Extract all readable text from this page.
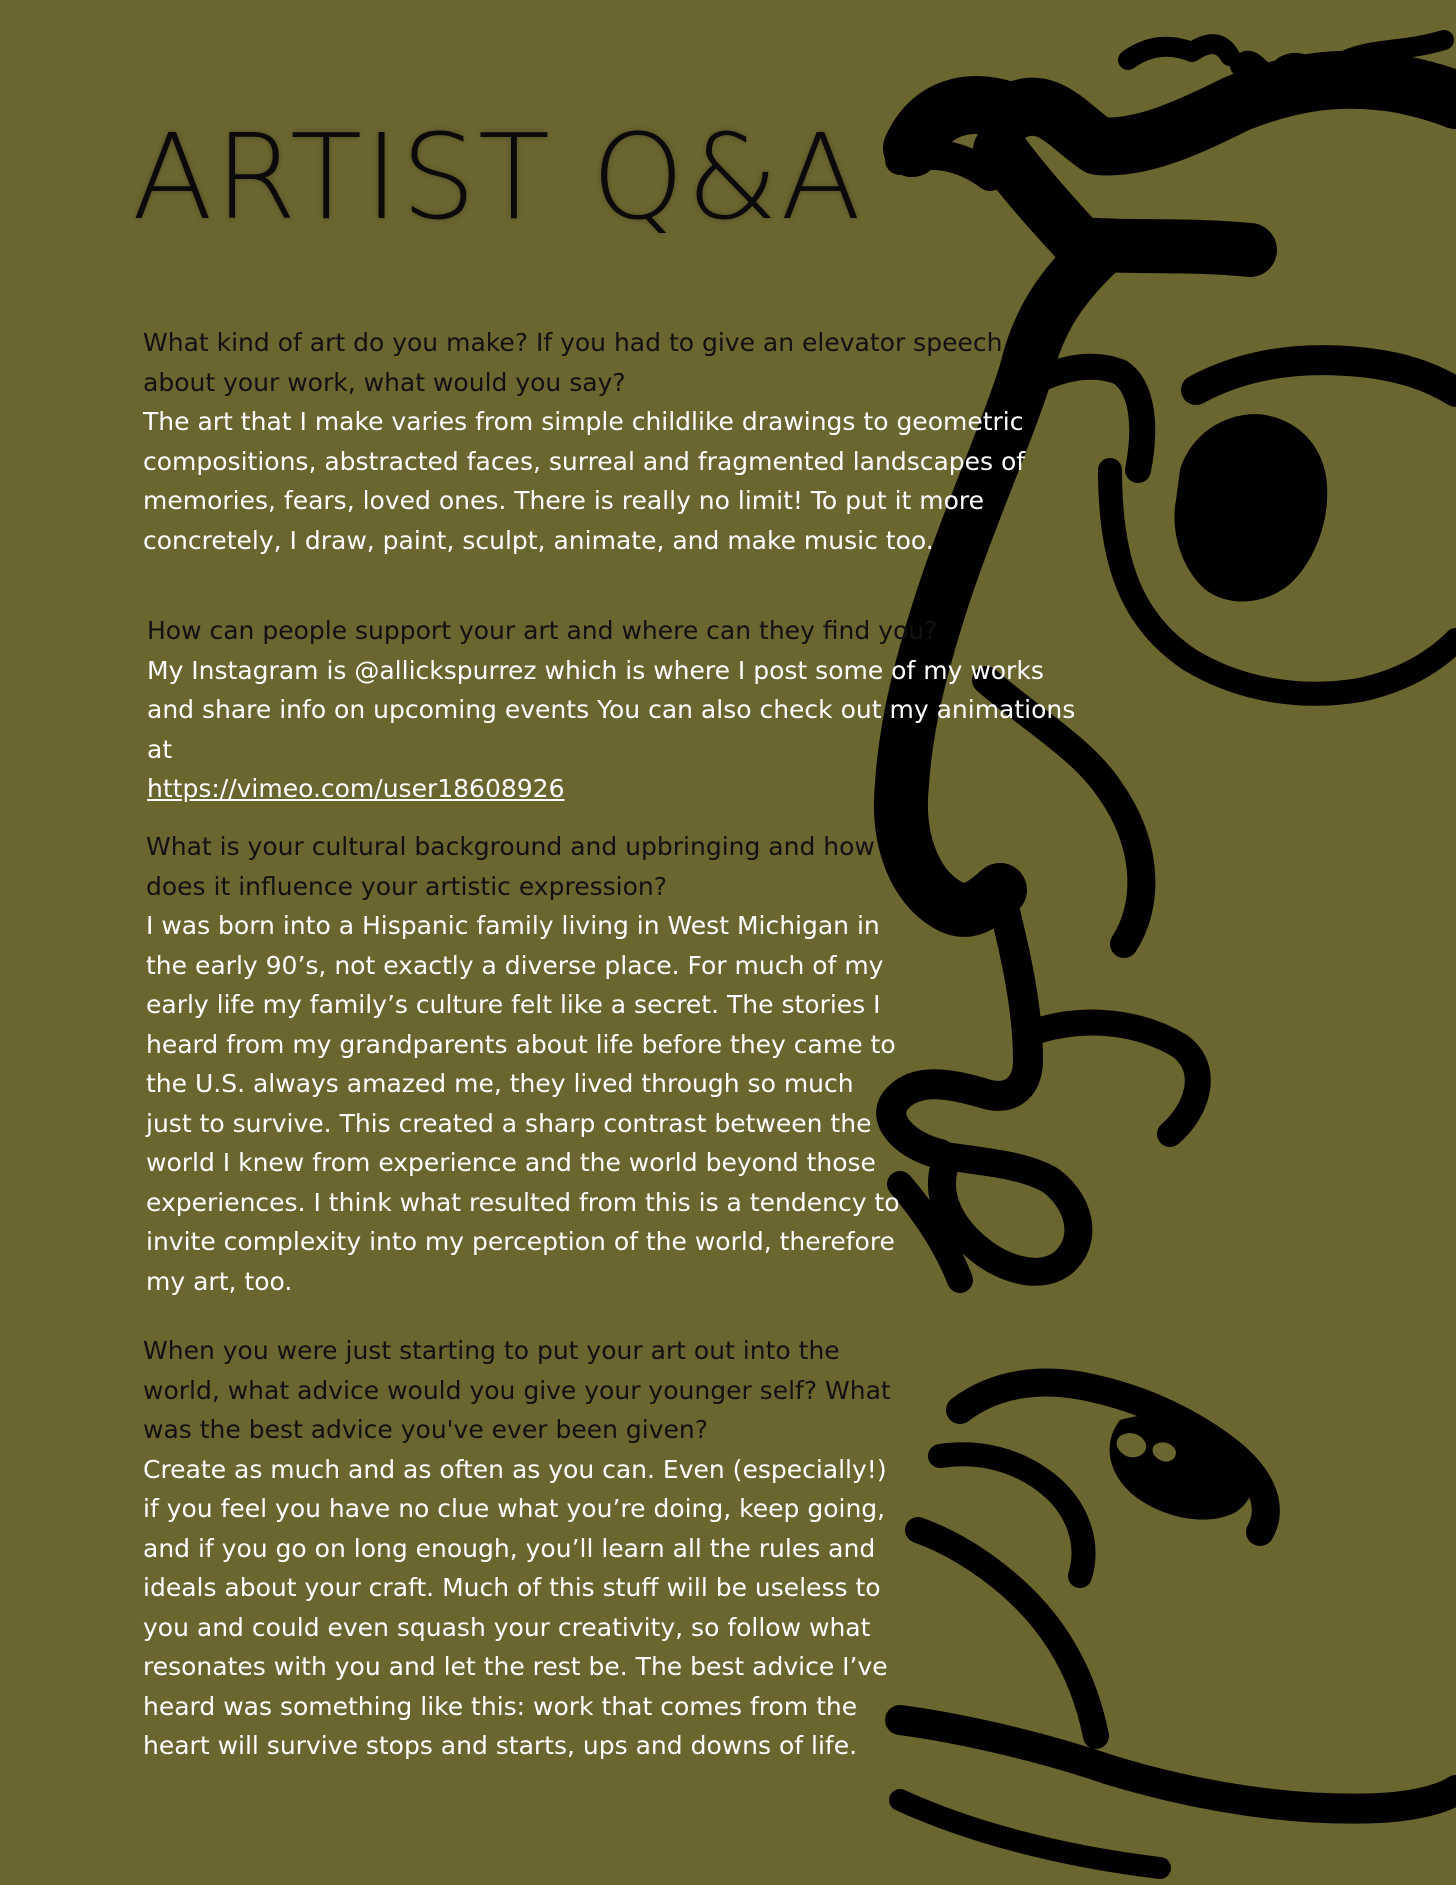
ARTIST Q&A

What kind of art do you make? If you had to give an elevator speech about your work, what would you say?

The art that I make varies from simple childlike drawings to geometric compositions, abstracted faces, surreal and fragmented landscapes of memories, fears, loved ones. There is really no limit! To put it more concretely, I draw, paint, sculpt, animate, and make music too.

How can people support your art and where can they find you?

My Instagram is @allickspurrez which is where I post some of my works and share info on upcoming events You can also check out my animations at
https://vimeo.com/user18608926

What is your cultural background and upbringing and how does it influence your artistic expression?

I was born into a Hispanic family living in West Michigan in the early 90’s, not exactly a diverse place. For much of my early life my family’s culture felt like a secret. The stories I heard from my grandparents about life before they came to the U.S. always amazed me, they lived through so much just to survive. This created a sharp contrast between the world I knew from experience and the world beyond those experiences. I think what resulted from this is a tendency to invite complexity into my perception of the world, therefore my art, too.

When you were just starting to put your art out into the world, what advice would you give your younger self? What was the best advice you've ever been given?

Create as much and as often as you can. Even (especially!) if you feel you have no clue what you’re doing, keep going, and if you go on long enough, you’ll learn all the rules and ideals about your craft. Much of this stuff will be useless to you and could even squash your creativity, so follow what resonates with you and let the rest be. The best advice I’ve heard was something like this: work that comes from the heart will survive stops and starts, ups and downs of life.
